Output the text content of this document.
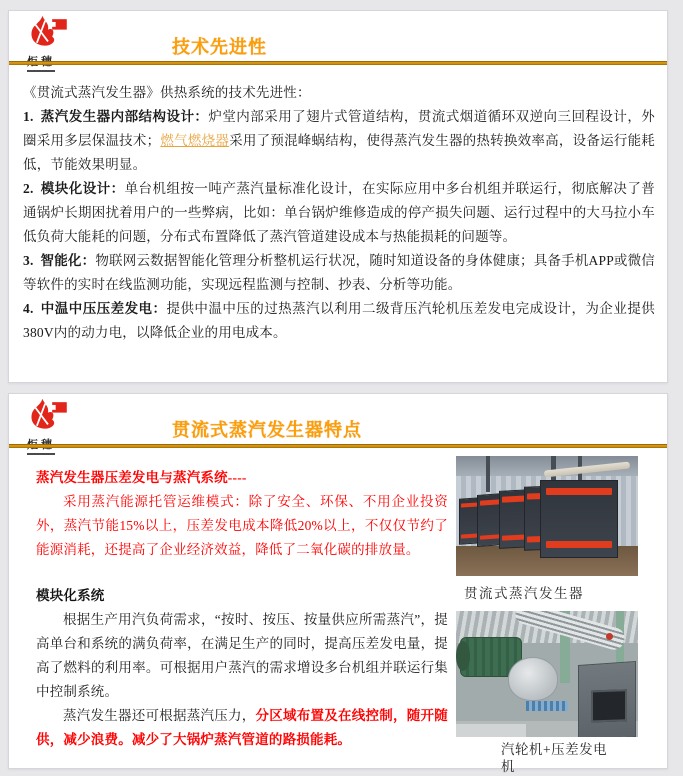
技术先进性

《贯流式蒸汽发生器》供热系统的技术先进性：

1. 蒸汽发生器内部结构设计：炉堂内部采用了翅片式管道结构，贯流式烟道循环双逆向三回程设计，外圈采用多层保温技术；燃气燃烧器采用了预混峰蜗结构，使得蒸汽发生器的热转换效率高，设备运行能耗低，节能效果明显。

2. 模块化设计：单台机组按一吨产蒸汽量标准化设计，在实际应用中多台机组并联运行，彻底解决了普通锅炉长期困扰着用户的一些弊病，比如：单台锅炉维修造成的停产损失问题、运行过程中的大马拉小车低负荷大能耗的问题，分布式布置降低了蒸汽管道建设成本与热能损耗的问题等。

3. 智能化：物联网云数据智能化管理分析整机运行状况，随时知道设备的身体健康；具备手机APP或微信等软件的实时在线监测功能，实现远程监测与控制、抄表、分析等功能。

4. 中温中压压差发电：提供中温中压的过热蒸汽以利用二级背压汽轮机压差发电完成设计，为企业提供380V内的动力电，以降低企业的用电成本。

贯流式蒸汽发生器特点

蒸汽发生器压差发电与蒸汽系统----

采用蒸汽能源托管运维模式：除了安全、环保、不用企业投资外，蒸汽节能15%以上，压差发电成本降低20%以上，不仅仅节约了能源消耗，还提高了企业经济效益，降低了二氧化碳的排放量。

模块化系统

根据生产用汽负荷需求，“按时、按压、按量供应所需蒸汽”，提高单台和系统的满负荷率，在满足生产的同时，提高压差发电量，提高了燃料的利用率。可根据用户蒸汽的需求增设多台机组并联运行集中控制系统。

蒸汽发生器还可根据蒸汽压力，分区域布置及在线控制，随开随供，减少浪费。减少了大锅炉蒸汽管道的路损能耗。

贯流式蒸汽发生器
汽轮机+压差发电机
